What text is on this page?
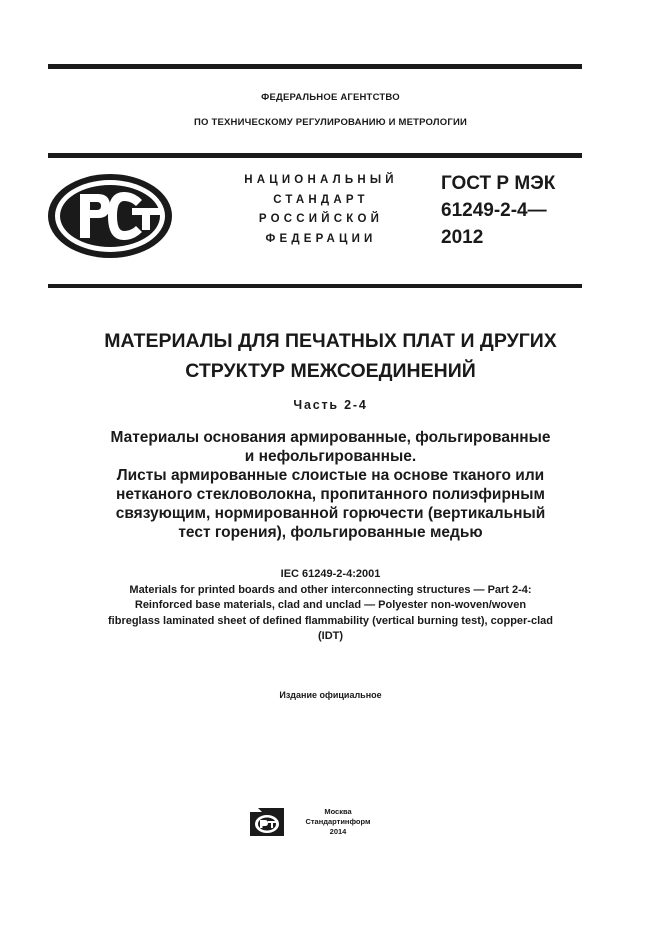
ФЕДЕРАЛЬНОЕ АГЕНТСТВО
ПО ТЕХНИЧЕСКОМУ РЕГУЛИРОВАНИЮ И МЕТРОЛОГИИ
НАЦИОНАЛЬНЫЙ
СТАНДАРТ
РОССИЙСКОЙ
ФЕДЕРАЦИИ
ГОСТ Р МЭК
61249-2-4—
2012
МАТЕРИАЛЫ ДЛЯ ПЕЧАТНЫХ ПЛАТ И ДРУГИХ
СТРУКТУР МЕЖСОЕДИНЕНИЙ
Часть 2-4
Материалы основания армированные, фольгированные
и нефольгированные.
Листы армированные слоистые на основе тканого или
нетканого стекловолокна, пропитанного полиэфирным
связующим, нормированной горючести (вертикальный
тест горения), фольгированные медью
IEC 61249-2-4:2001
Materials for printed boards and other interconnecting structures — Part 2-4:
Reinforced base materials, clad and unclad — Polyester non-woven/woven
fibreglass laminated sheet of defined flammability (vertical burning test), copper-clad
(IDT)
Издание официальное
Москва
Стандартинформ
2014
